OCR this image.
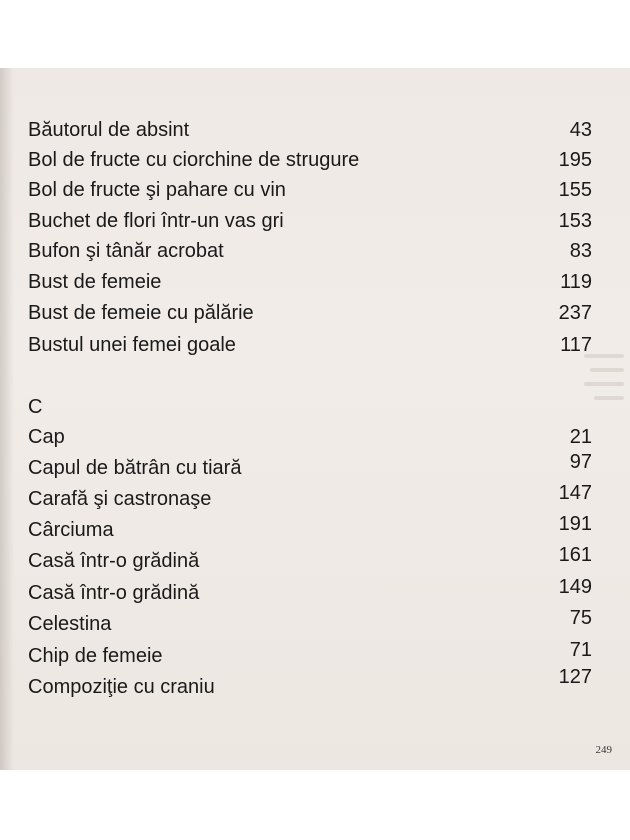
Băutorul de absint	43
Bol de fructe cu ciorchine de strugure	195
Bol de fructe şi pahare cu vin	155
Buchet de flori într-un vas gri	153
Bufon şi tânăr acrobat	83
Bust de femeie	119
Bust de femeie cu pălărie	237
Bustul unei femei goale	117
C
Cap	21
Capul de bătrân cu tiară	97
Carafă şi castronaşe	147
Cârciuma	191
Casă într-o grădină	161
Casă într-o grădină	149
Celestina	75
Chip de femeie	71
Compoziţie cu craniu	127
249
